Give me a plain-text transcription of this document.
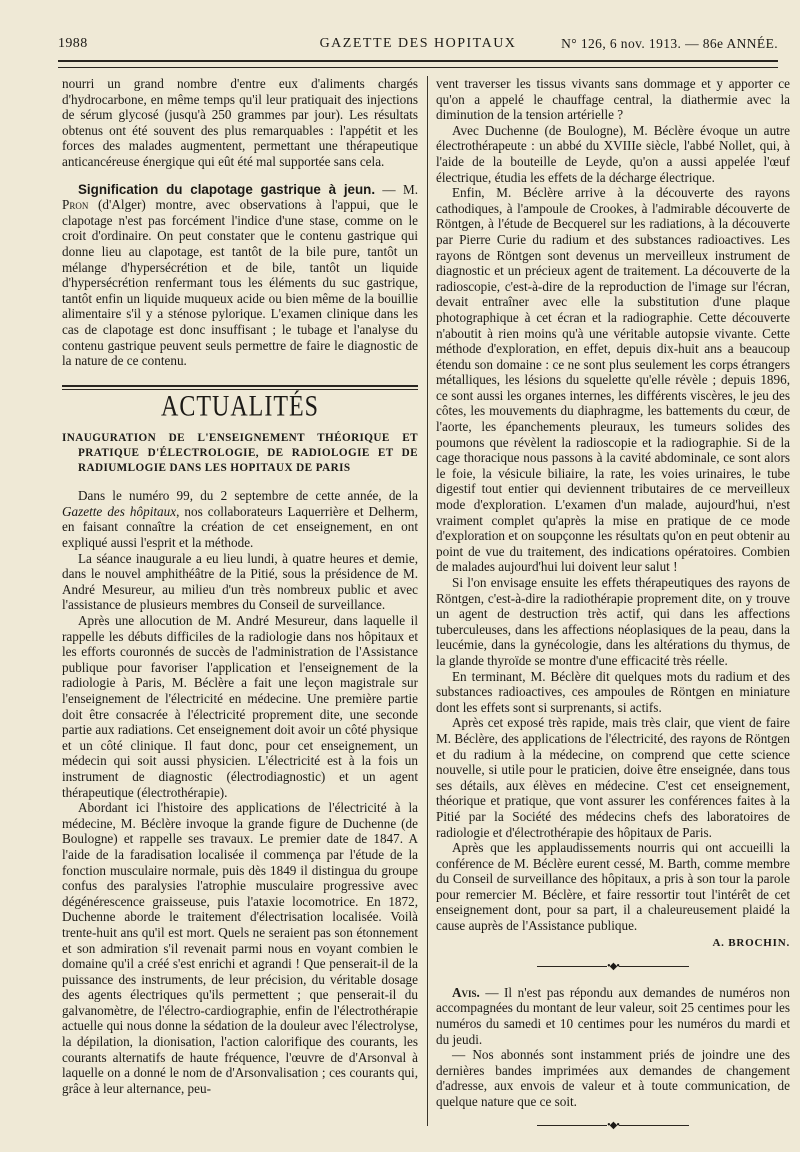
1988	GAZETTE DES HOPITAUX	N° 126, 6 nov. 1913. — 86e ANNÉE.

nourri un grand nombre d'entre eux d'aliments chargés d'hydrocarbone, en même temps qu'il leur pratiquait des injections de sérum glycosé (jusqu'à 250 grammes par jour). Les résultats obtenus ont été souvent des plus remarquables : l'appétit et les forces des malades augmentent, permettant une thérapeutique anticancéreuse énergique qui eût été mal supportée sans cela.

Signification du clapotage gastrique à jeun. — M. Pron (d'Alger) montre, avec observations à l'appui, que le clapotage n'est pas forcément l'indice d'une stase, comme on le croit d'ordinaire. On peut constater que le contenu gastrique qui donne lieu au clapotage, est tantôt de la bile pure, tantôt un mélange d'hypersécrétion et de bile, tantôt un liquide d'hypersécrétion renfermant tous les éléments du suc gastrique, tantôt enfin un liquide muqueux acide ou bien même de la bouillie alimentaire s'il y a sténose pylorique. L'examen clinique dans les cas de clapotage est donc insuffisant ; le tubage et l'analyse du contenu gastrique peuvent seuls permettre de faire le diagnostic de la nature de ce contenu.

ACTUALITÉS
INAUGURATION DE L'ENSEIGNEMENT THÉORIQUE ET PRATIQUE D'ÉLECTROLOGIE, DE RADIOLOGIE ET DE RADIUMLOGIE DANS LES HOPITAUX DE PARIS

Dans le numéro 99, du 2 septembre de cette année, de la Gazette des hôpitaux, nos collaborateurs Laquerrière et Delherm, en faisant connaître la création de cet enseignement, en ont expliqué aussi l'esprit et la méthode.

La séance inaugurale a eu lieu lundi, à quatre heures et demie, dans le nouvel amphithéâtre de la Pitié, sous la présidence de M. André Mesureur, au milieu d'un très nombreux public et avec l'assistance de plusieurs membres du Conseil de surveillance.

Après une allocution de M. André Mesureur, dans laquelle il rappelle les débuts difficiles de la radiologie dans nos hôpitaux et les efforts couronnés de succès de l'administration de l'Assistance publique pour favoriser l'application et l'enseignement de la radiologie à Paris, M. Béclère a fait une leçon magistrale sur l'enseignement de l'électricité en médecine. Une première partie doit être consacrée à l'électricité proprement dite, une seconde partie aux radiations. Cet enseignement doit avoir un côté physique et un côté clinique. Il faut donc, pour cet enseignement, un médecin qui soit aussi physicien. L'électricité est à la fois un instrument de diagnostic (électrodiagnostic) et un agent thérapeutique (électrothérapie).

Abordant ici l'histoire des applications de l'électricité à la médecine, M. Béclère invoque la grande figure de Duchenne (de Boulogne) et rappelle ses travaux. Le premier date de 1847. A l'aide de la faradisation localisée il commença par l'étude de la fonction musculaire normale, puis dès 1849 il distingua du groupe confus des paralysies l'atrophie musculaire progressive avec dégénérescence graisseuse, puis l'ataxie locomotrice. En 1872, Duchenne aborde le traitement d'électrisation localisée. Voilà trente-huit ans qu'il est mort. Quels ne seraient pas son étonnement et son admiration s'il revenait parmi nous en voyant combien le domaine qu'il a créé s'est enrichi et agrandi ! Que penserait-il de la puissance des instruments, de leur précision, du véritable dosage des agents électriques qu'ils permettent ; que penserait-il du galvanomètre, de l'électro-cardiographie, enfin de l'électrothérapie actuelle qui nous donne la sédation de la douleur avec l'électrolyse, la dépilation, la dionisation, l'action calorifique des courants, les courants alternatifs de haute fréquence, l'œuvre de d'Arsonval à laquelle on a donné le nom de d'Arsonvalisation ; ces courants qui, grâce à leur alternance, peu-

vent traverser les tissus vivants sans dommage et y apporter ce qu'on a appelé le chauffage central, la diathermie avec la diminution de la tension artérielle ?

Avec Duchenne (de Boulogne), M. Béclère évoque un autre électrothérapeute : un abbé du XVIIIe siècle, l'abbé Nollet, qui, à l'aide de la bouteille de Leyde, qu'on a aussi appelée l'œuf électrique, étudia les effets de la décharge électrique.

Enfin, M. Béclère arrive à la découverte des rayons cathodiques, à l'ampoule de Crookes, à l'admirable découverte de Röntgen, à l'étude de Becquerel sur les radiations, à la découverte par Pierre Curie du radium et des substances radioactives. Les rayons de Röntgen sont devenus un merveilleux instrument de diagnostic et un précieux agent de traitement. La découverte de la radioscopie, c'est-à-dire de la reproduction de l'image sur l'écran, devait entraîner avec elle la substitution d'une plaque photographique à cet écran et la radiographie. Cette découverte n'aboutit à rien moins qu'à une véritable autopsie vivante. Cette méthode d'exploration, en effet, depuis dix-huit ans a beaucoup étendu son domaine : ce ne sont plus seulement les corps étrangers métalliques, les lésions du squelette qu'elle révèle ; depuis 1896, ce sont aussi les organes internes, les différents viscères, le jeu des côtes, les mouvements du diaphragme, les battements du cœur, de l'aorte, les épanchements pleuraux, les tumeurs solides des poumons que révèlent la radioscopie et la radiographie. Si de la cage thoracique nous passons à la cavité abdominale, ce sont alors le foie, la vésicule biliaire, la rate, les voies urinaires, le tube digestif tout entier qui deviennent tributaires de ce merveilleux mode d'exploration. L'examen d'un malade, aujourd'hui, n'est vraiment complet qu'après la mise en pratique de ce mode d'exploration et on soupçonne les résultats qu'on en peut obtenir au point de vue du traitement, des indications opératoires. Combien de malades aujourd'hui lui doivent leur salut !

Si l'on envisage ensuite les effets thérapeutiques des rayons de Röntgen, c'est-à-dire la radiothérapie proprement dite, on y trouve un agent de destruction très actif, qui dans les affections tuberculeuses, dans les affections néoplasiques de la peau, dans la leucémie, dans la gynécologie, dans les altérations du thymus, de la glande thyroïde se montre d'une efficacité très réelle.

En terminant, M. Béclère dit quelques mots du radium et des substances radioactives, ces ampoules de Röntgen en miniature dont les effets sont si surprenants, si actifs.

Après cet exposé très rapide, mais très clair, que vient de faire M. Béclère, des applications de l'électricité, des rayons de Röntgen et du radium à la médecine, on comprend que cette science nouvelle, si utile pour le praticien, doive être enseignée, dans tous ses détails, aux élèves en médecine. C'est cet enseignement, théorique et pratique, que vont assurer les conférences faites à la Pitié par la Société des médecins chefs des laboratoires de radiologie et d'électrothérapie des hôpitaux de Paris.

Après que les applaudissements nourris qui ont accueilli la conférence de M. Béclère eurent cessé, M. Barth, comme membre du Conseil de surveillance des hôpitaux, a pris à son tour la parole pour remercier M. Béclère, et faire ressortir tout l'intérêt de cet enseignement dont, pour sa part, il a chaleureusement plaidé la cause auprès de l'Assistance publique.

A. BROCHIN.
•◆•

Avis. — Il n'est pas répondu aux demandes de numéros non accompagnées du montant de leur valeur, soit 25 centimes pour les numéros du samedi et 10 centimes pour les numéros du mardi et du jeudi.

— Nos abonnés sont instamment priés de joindre une des dernières bandes imprimées aux demandes de changement d'adresse, aux envois de valeur et à toute communication, de quelque nature que ce soit.

•◆•
